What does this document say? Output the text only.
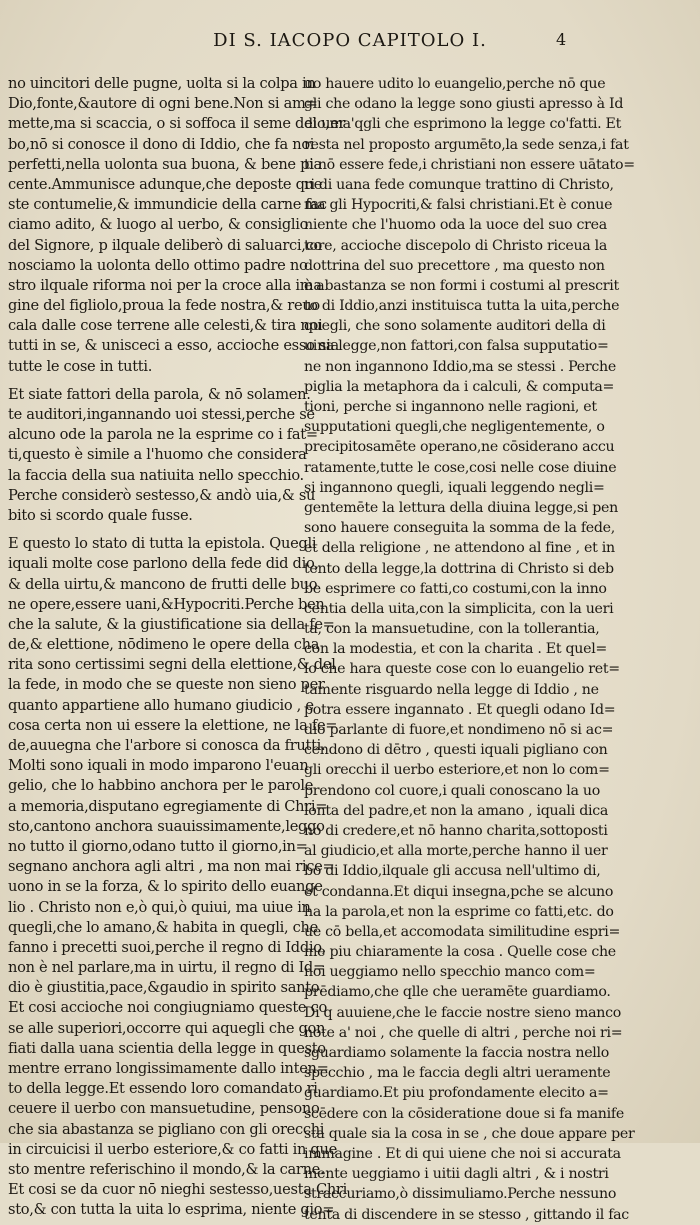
DI S. IACOPO CAPITOLO I.	4
no uincitori delle pugne, uolta si la colpa in
Dio,fonte,&autore di ogni bene.Non si am=
mette,ma si scaccia, o si soffoca il seme del uer
bo,nō si conosce il dono di Iddio, che fa noi
perfetti,nella uolonta sua buona, & bene pia
cente.Ammunisce adunque,che deposte que
ste contumelie,& immundicie della carne fac
ciamo adito, & luogo al uerbo, & consiglio
del Signore, p ilquale deliberò di saluarci,co
nosciamo la uolonta dello ottimo padre no
stro ilquale riforma noi per la croce alla ima
gine del figliolo,proua la fede nostra,& reuo
cala dalle cose terrene alle celesti,& tira noi
tutti in se, & unisceci a esso, accioche esso sia
tutte le cose in tutti.
Et siate fattori della parola, & nō solamen.
te auditori,ingannando uoi stessi,perche se
alcuno ode la parola ne la esprime co i fat=
ti,questo è simile a l'huomo che considera
la faccia della sua natiuita nello specchio.
Perche considerò sestesso,& andò uia,& su
bito si scordo quale fusse.
E questo lo stato di tutta la epistola. Quegli
iquali molte cose parlono della fede did dio,
& della uirtu,& mancono de frutti delle buo
ne opere,essere uani,&Hypocriti.Perche ben
che la salute, & la giustificatione sia della fe=
de,& elettione, nōdimeno le opere della cha
rita sono certissimi segni della elettione,& del
la fede, in modo che se queste non sieno per
quanto appartiene allo humano giudicio , e
cosa certa non ui essere la elettione, ne la fe=
de,auuegna che l'arbore si conosca da frutti.
Molti sono iquali in modo imparono l'euan
gelio, che lo habbino anchora per le parole
a memoria,disputano egregiamente di Chri=
sto,cantono anchora suauissimamente,leggo
no tutto il giorno,odano tutto il giorno,in=
segnano anchora agli altri , ma non mai rice=
uono in se la forza, & lo spirito dello euange
lio . Christo non e,ò qui,ò quiui, ma uiue in
quegli,che lo amano,& habita in quegli, che
fanno i precetti suoi,perche il regno di Iddio,
non è nel parlare,ma in uirtu, il regno di Id=
dio è giustitia,pace,&gaudio in spirito santo.
Et cosi accioche noi congiugniamo queste co
se alle superiori,occorre qui aquegli che gon
fiati dalla uana scientia della legge in questo
mentre errano longissimamente dallo inten=
to della legge.Et essendo loro comandato ri
ceuere il uerbo con mansuetudine, pensono
che sia abastanza se pigliano con gli orecchi
in circuicisi il uerbo esteriore,& co fatti in que
sto mentre referischino il mondo,& la carne.
Et cosi se da cuor nō nieghi sestesso,uesta Chri
sto,& con tutta la uita lo esprima, niente gio=
uo hauere udito lo euangelio,perche nō que
gli che odano la legge sono giusti apresso à Id
dio,ma'qgli che esprimono la legge co'fatti. Et
resta nel proposto argumēto,la sede senza,i fat
ti nō essere fede,i christiani non essere uātato=
ri di uana fede comunque trattino di Christo,
ma gli Hypocriti,& falsi christiani.Et è conue
niente che l'huomo oda la uoce del suo crea
tore, accioche discepolo di Christo riceua la
dottrina del suo precettore , ma questo non
è abastanza se non formi i costumi al prescrit
to di Iddio,anzi instituisca tutta la uita,perche
quegli, che sono solamente auditori della di
uina legge,non fattori,con falsa supputatio=
ne non ingannono Iddio,ma se stessi . Perche
piglia la metaphora da i calculi, & computa=
tioni, perche si ingannono nelle ragioni, et
supputationi quegli,che negligentemente, o
precipitosamēte operano,ne cōsiderano accu
ratamente,tutte le cose,cosi nelle cose diuine
si ingannono quegli, iquali leggendo negli=
gentemēte la lettura della diuina legge,si pen
sono hauere conseguita la somma de la fede,
et della religione , ne attendono al fine , et in
tento della legge,la dottrina di Christo si deb
be esprimere co fatti,co costumi,con la inno
centia della uita,con la simplicita, con la ueri
ta, con la mansuetudine, con la tollerantia,
con la modestia, et con la charita . Et quel=
lo che hara queste cose con lo euangelio ret=
tamente risguardo nella legge di Iddio , ne
potra essere ingannato . Et quegli odano Id=
dio parlante di fuore,et nondimeno nō si ac=
cendono di dētro , questi iquali pigliano con
gli orecchi il uerbo esteriore,et non lo com=
prendono col cuore,i quali conoscano la uo
lonta del padre,et non la amano , iquali dica
no di credere,et nō hanno charita,sottoposti
al giudicio,et alla morte,perche hanno il uer
bo di Iddio,ilquale gli accusa nell'ultimo di,
et condanna.Et diqui insegna,pche se alcuno
ha la parola,et non la esprime co fatti,etc. do
ue cō bella,et accomodata similitudine espri=
me piu chiaramente la cosa . Quelle cose che
noi ueggiamo nello specchio manco com=
prēdiamo,che qlle che ueramēte guardiamo.
Di q auuiene,che le faccie nostre sieno manco
note a' noi , che quelle di altri , perche noi ri=
sguardiamo solamente la faccia nostra nello
specchio , ma le faccia degli altri ueramente
guardiamo.Et piu profondamente elecito a=
scēdere con la cōsideratione doue si fa manife
sta quale sia la cosa in se , che doue appare per
immagine . Et di qui uiene che noi si accurata
mente ueggiamo i uitii dagli altri , & i nostri
straccuriamo,ò dissimuliamo.Perche nessuno
tenta di discendere in se stesso , gittando il fac
